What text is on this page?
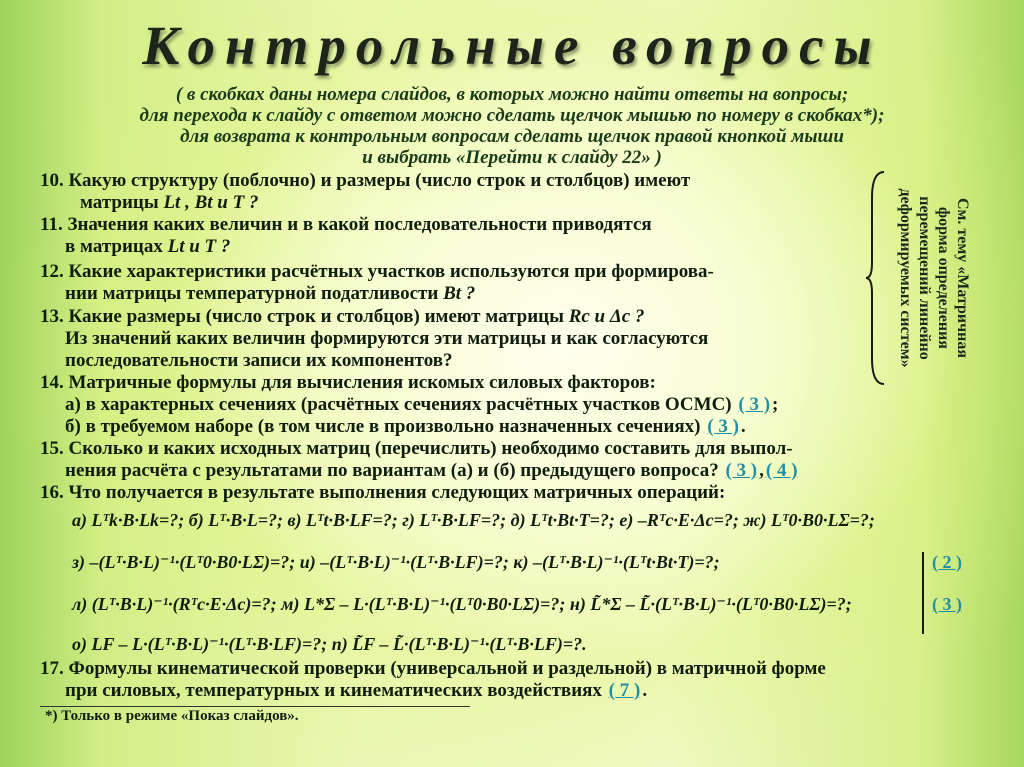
Контрольные вопросы
( в скобках даны номера слайдов, в которых можно найти ответы на вопросы;
для перехода к слайду с ответом можно сделать щелчок мышью по номеру в скобках*);
для возврата к контрольным вопросам сделать щелчок правой кнопкой мыши
и выбрать «Перейти к слайду 22» )
10. Какую структуру (поблочно) и размеры (число строк и столбцов) имеют
матрицы Lt , Bt и T ?
11. Значения каких величин и в какой последовательности приводятся
в матрицах Lt и T ?
12. Какие характеристики расчётных участков используются при формирова-
нии матрицы температурной податливости Bt ?
13. Какие размеры (число строк и столбцов) имеют матрицы Rc и Δc ?
Из значений каких величин формируются эти матрицы и как согласуются
последовательности записи их компонентов?
14. Матричные формулы для вычисления искомых силовых факторов:
а) в характерных сечениях (расчётных сечениях расчётных участков ОСМС) ( 3 ) ;
б) в требуемом наборе (в том числе в произвольно назначенных сечениях) ( 3 ) .
15. Сколько и каких исходных матриц (перечислить) необходимо составить для выпол-
нения расчёта с результатами по вариантам (а) и (б) предыдущего вопроса? ( 3 ) , ( 4 )
16. Что получается в результате выполнения следующих матричных операций:
а) Lᵀk·B·Lk=?; б) Lᵀ·B·L=?; в) Lᵀt·B·LF=?; г) Lᵀ·B·LF=?; д) Lᵀt·Bt·T=?; е) –Rᵀc·E·Δc=?; ж) Lᵀ0·B0·LΣ=?;
з) –(Lᵀ·B·L)⁻¹·(Lᵀ0·B0·LΣ)=?; и) –(Lᵀ·B·L)⁻¹·(Lᵀ·B·LF)=?; к) –(Lᵀ·B·L)⁻¹·(Lᵀt·Bt·T)=?;	( 2 )
л) (Lᵀ·B·L)⁻¹·(Rᵀc·E·Δc)=?; м) L*Σ – L·(Lᵀ·B·L)⁻¹·(Lᵀ0·B0·LΣ)=?; н) L̃*Σ – L̃·(Lᵀ·B·L)⁻¹·(Lᵀ0·B0·LΣ)=?;	( 3 )
о) LF – L·(Lᵀ·B·L)⁻¹·(Lᵀ·B·LF)=?; п) L̃F – L̃·(Lᵀ·B·L)⁻¹·(Lᵀ·B·LF)=?.
17. Формулы кинематической проверки (универсальной и раздельной) в матричной форме
при силовых, температурных и кинематических воздействиях ( 7 ) .
См. тему «Матричная
форма определения
перемещений линейно
деформируемых систем»
*) Только в режиме «Показ слайдов».
